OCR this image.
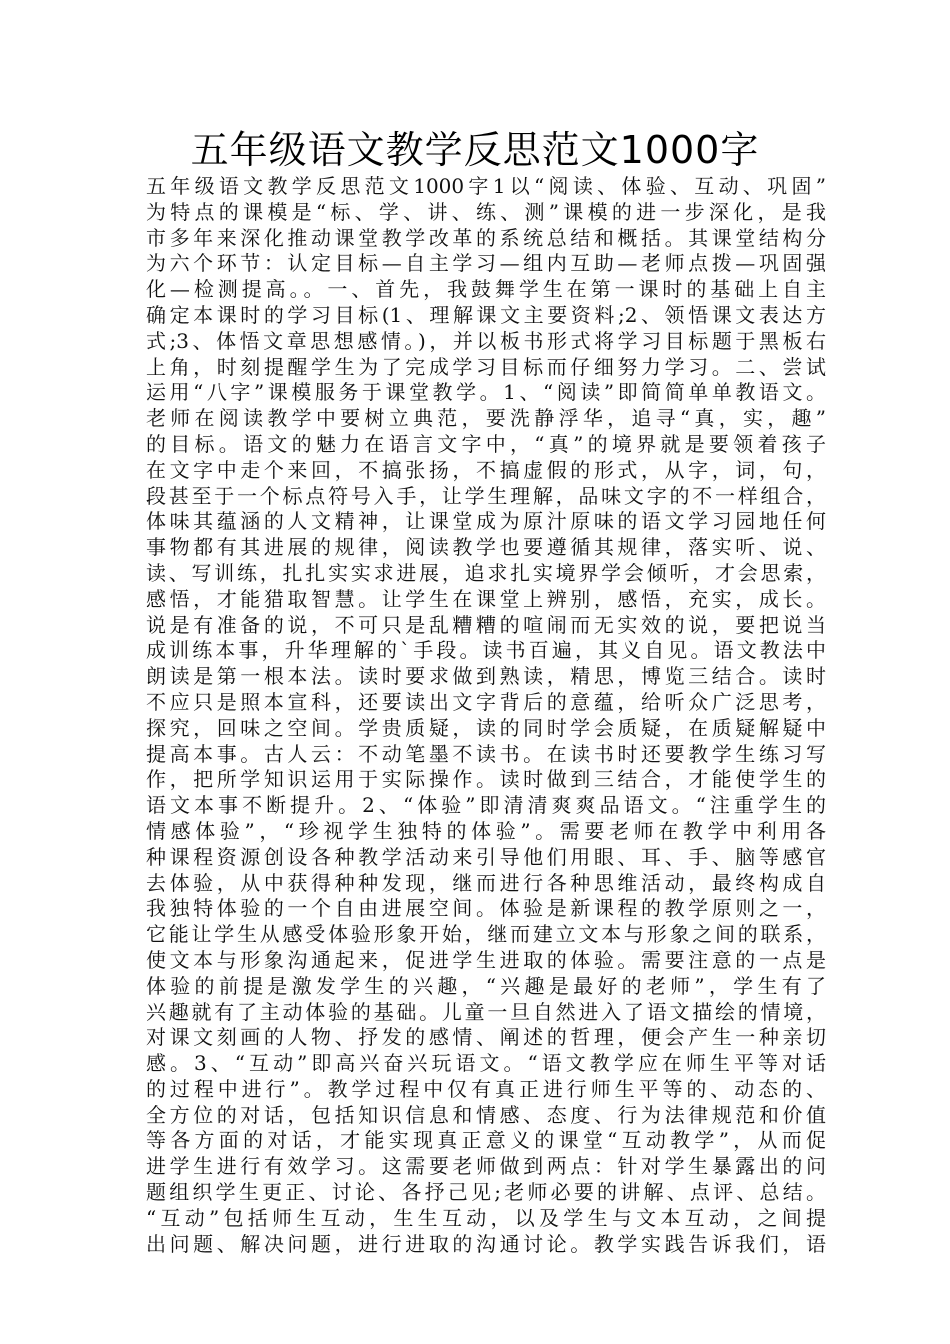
五年级语文教学反思范文1000字
五年级语文教学反思范文1000字1以“阅读、体验、互动、巩固”
为特点的课模是“标、学、讲、练、测”课模的进一步深化，是我
市多年来深化推动课堂教学改革的系统总结和概括。其课堂结构分
为六个环节：认定目标—自主学习—组内互助—老师点拨—巩固强
化—检测提高。。一、首先，我鼓舞学生在第一课时的基础上自主
确定本课时的学习目标(1、理解课文主要资料;2、领悟课文表达方
式;3、体悟文章思想感情。)，并以板书形式将学习目标题于黑板右
上角，时刻提醒学生为了完成学习目标而仔细努力学习。二、尝试
运用“八字”课模服务于课堂教学。1、“阅读”即简简单单教语文。
老师在阅读教学中要树立典范，要洗静浮华，追寻“真，实，趣”
的目标。语文的魅力在语言文字中，“真”的境界就是要领着孩子
在文字中走个来回，不搞张扬，不搞虚假的形式，从字，词，句，
段甚至于一个标点符号入手，让学生理解，品味文字的不一样组合，
体味其蕴涵的人文精神，让课堂成为原汁原味的语文学习园地任何
事物都有其进展的规律，阅读教学也要遵循其规律，落实听、说、
读、写训练，扎扎实实求进展，追求扎实境界学会倾听，才会思索，
感悟，才能猎取智慧。让学生在课堂上辨别，感悟，充实，成长。
说是有准备的说，不可只是乱糟糟的喧闹而无实效的说，要把说当
成训练本事，升华理解的`手段。读书百遍，其义自见。语文教法中
朗读是第一根本法。读时要求做到熟读，精思，博览三结合。读时
不应只是照本宣科，还要读出文字背后的意蕴，给听众广泛思考，
探究，回味之空间。学贵质疑，读的同时学会质疑，在质疑解疑中
提高本事。古人云：不动笔墨不读书。在读书时还要教学生练习写
作，把所学知识运用于实际操作。读时做到三结合，才能使学生的
语文本事不断提升。2、“体验”即清清爽爽品语文。“注重学生的
情感体验”，“珍视学生独特的体验”。需要老师在教学中利用各
种课程资源创设各种教学活动来引导他们用眼、耳、手、脑等感官
去体验，从中获得种种发现，继而进行各种思维活动，最终构成自
我独特体验的一个自由进展空间。体验是新课程的教学原则之一，
它能让学生从感受体验形象开始，继而建立文本与形象之间的联系，
使文本与形象沟通起来，促进学生进取的体验。需要注意的一点是
体验的前提是激发学生的兴趣，“兴趣是最好的老师”，学生有了
兴趣就有了主动体验的基础。儿童一旦自然进入了语文描绘的情境，
对课文刻画的人物、抒发的感情、阐述的哲理，便会产生一种亲切
感。3、“互动”即高兴奋兴玩语文。“语文教学应在师生平等对话
的过程中进行”。教学过程中仅有真正进行师生平等的、动态的、
全方位的对话，包括知识信息和情感、态度、行为法律规范和价值
等各方面的对话，才能实现真正意义的课堂“互动教学”，从而促
进学生进行有效学习。这需要老师做到两点：针对学生暴露出的问
题组织学生更正、讨论、各抒己见;老师必要的讲解、点评、总结。
“互动”包括师生互动，生生互动，以及学生与文本互动，之间提
出问题、解决问题，进行进取的沟通讨论。教学实践告诉我们，语
